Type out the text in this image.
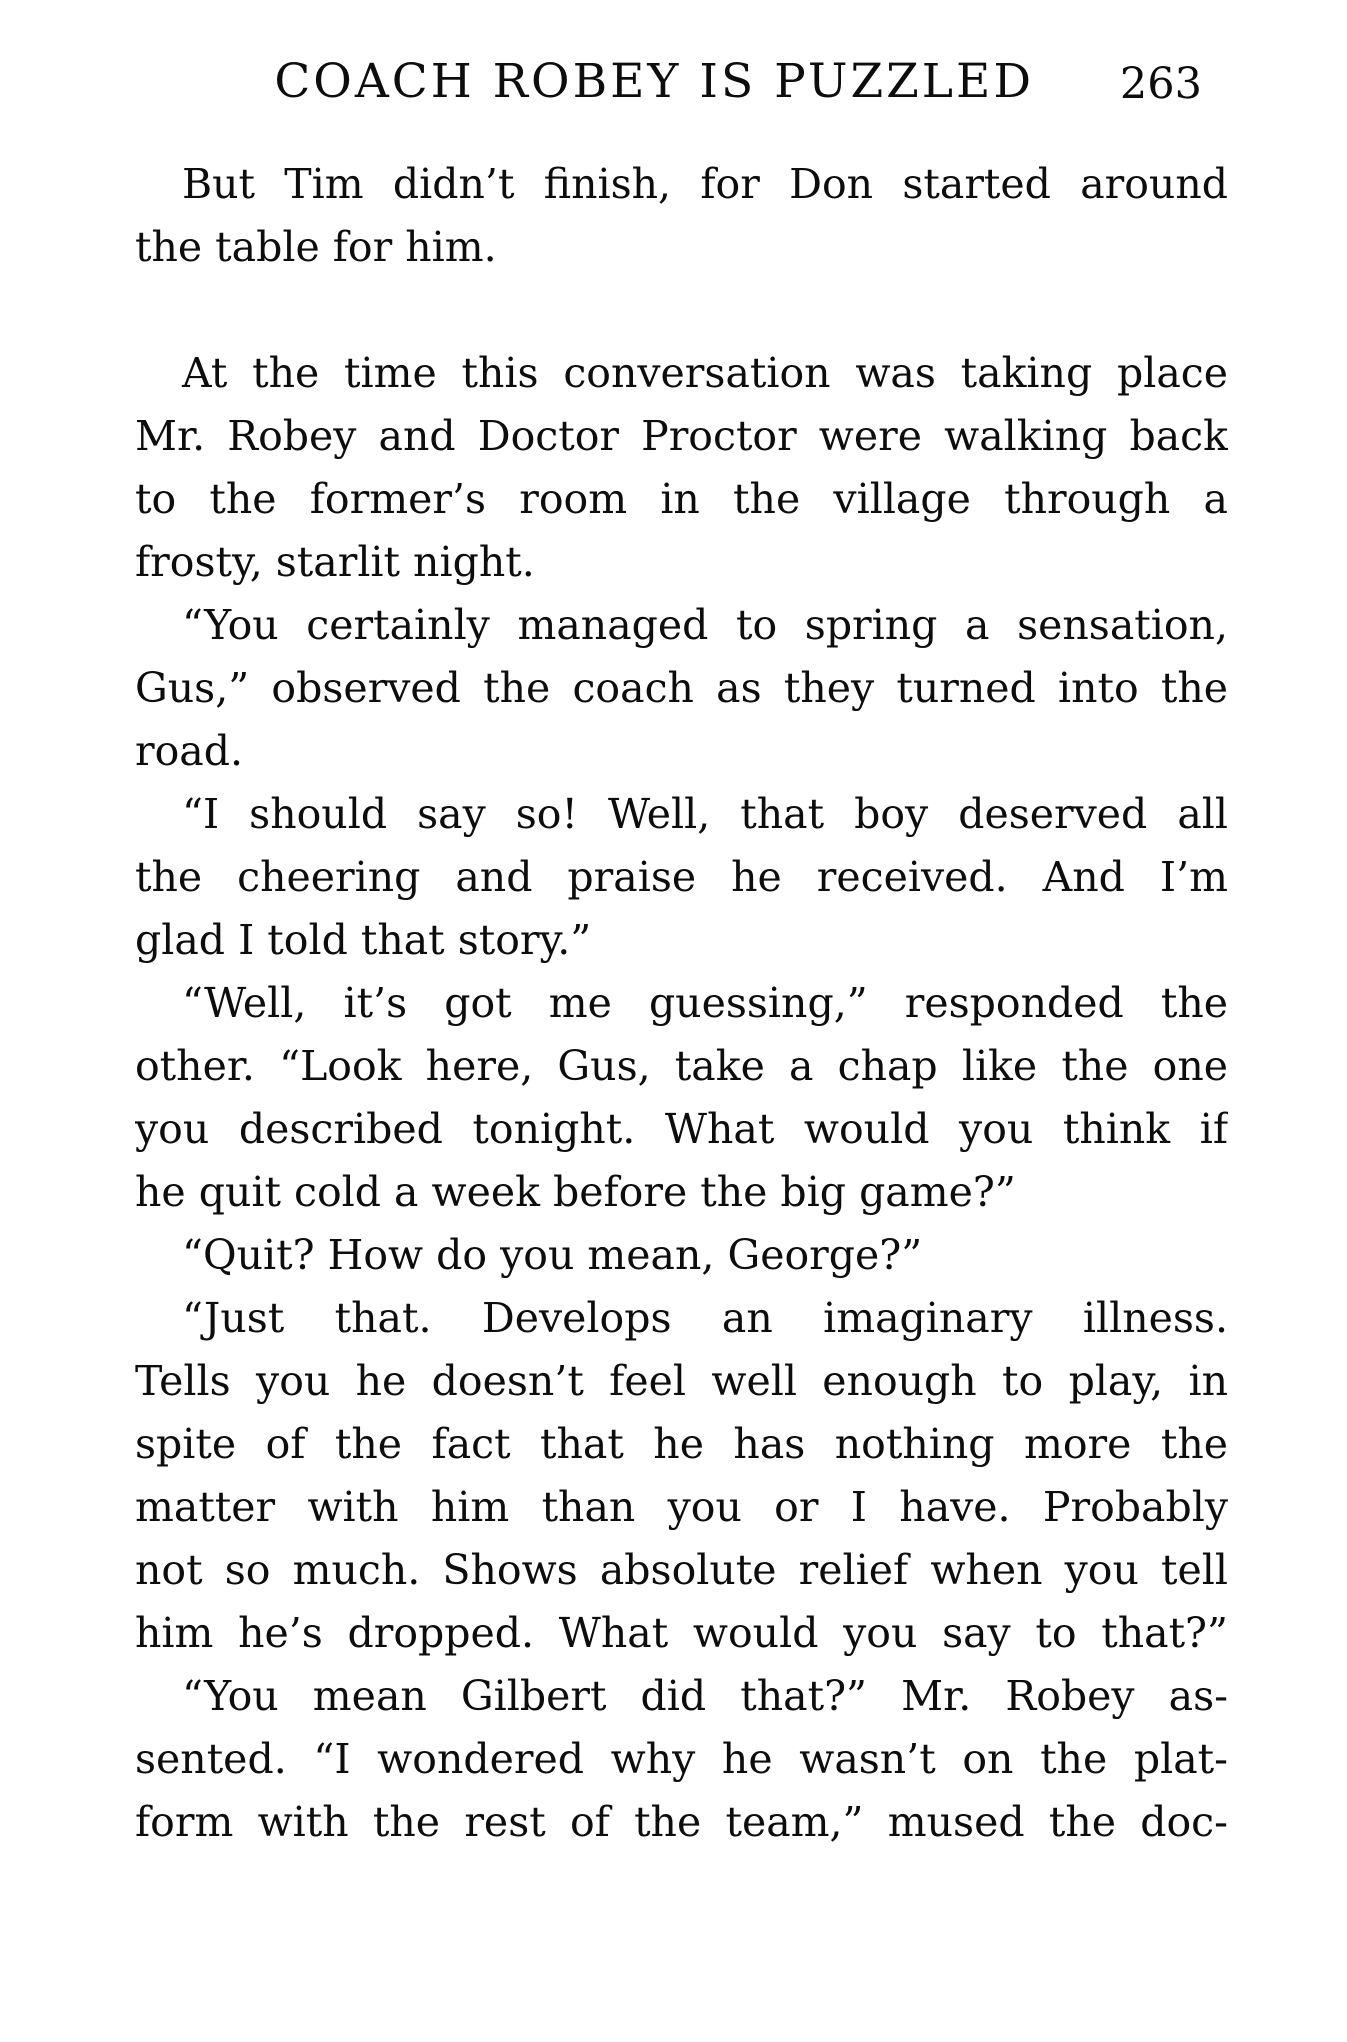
COACH ROBEY IS PUZZLED 263
But Tim didn’t finish, for Don started around
the table for him.
At the time this conversation was taking place
Mr. Robey and Doctor Proctor were walking back
to the former’s room in the village through a
frosty, starlit night.
“You certainly managed to spring a sensation,
Gus,” observed the coach as they turned into the
road.
“I should say so! Well, that boy deserved all
the cheering and praise he received. And I’m
glad I told that story.”
“Well, it’s got me guessing,” responded the
other. “Look here, Gus, take a chap like the one
you described tonight. What would you think if
he quit cold a week before the big game?”
“Quit? How do you mean, George?”
“Just that. Develops an imaginary illness.
Tells you he doesn’t feel well enough to play, in
spite of the fact that he has nothing more the
matter with him than you or I have. Probably
not so much. Shows absolute relief when you tell
him he’s dropped. What would you say to that?”
“You mean Gilbert did that?” Mr. Robey as-
sented. “I wondered why he wasn’t on the plat-
form with the rest of the team,” mused the doc-
